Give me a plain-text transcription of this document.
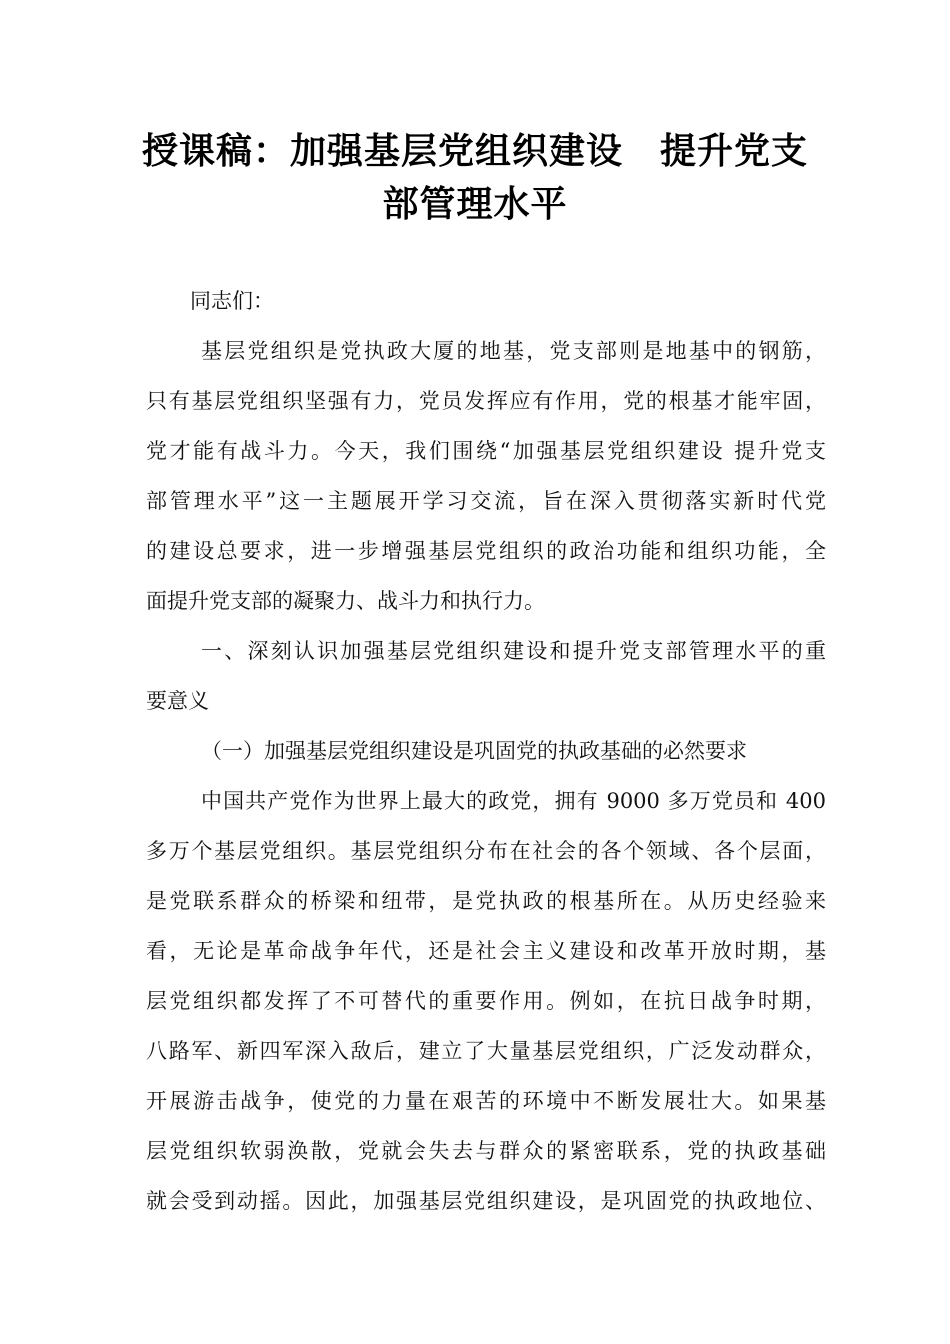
授课稿：加强基层党组织建设　提升党支
部管理水平
同志们：
基层党组织是党执政大厦的地基，党支部则是地基中的钢筋，
只有基层党组织坚强有力，党员发挥应有作用，党的根基才能牢固，
党才能有战斗力。今天，我们围绕“加强基层党组织建设 提升党支
部管理水平”这一主题展开学习交流，旨在深入贯彻落实新时代党
的建设总要求，进一步增强基层党组织的政治功能和组织功能，全
面提升党支部的凝聚力、战斗力和执行力。
一、深刻认识加强基层党组织建设和提升党支部管理水平的重
要意义
（一）加强基层党组织建设是巩固党的执政基础的必然要求
中国共产党作为世界上最大的政党，拥有 9000 多万党员和 400
多万个基层党组织。基层党组织分布在社会的各个领域、各个层面，
是党联系群众的桥梁和纽带，是党执政的根基所在。从历史经验来
看，无论是革命战争年代，还是社会主义建设和改革开放时期，基
层党组织都发挥了不可替代的重要作用。例如，在抗日战争时期，
八路军、新四军深入敌后，建立了大量基层党组织，广泛发动群众，
开展游击战争，使党的力量在艰苦的环境中不断发展壮大。如果基
层党组织软弱涣散，党就会失去与群众的紧密联系，党的执政基础
就会受到动摇。因此，加强基层党组织建设，是巩固党的执政地位、
